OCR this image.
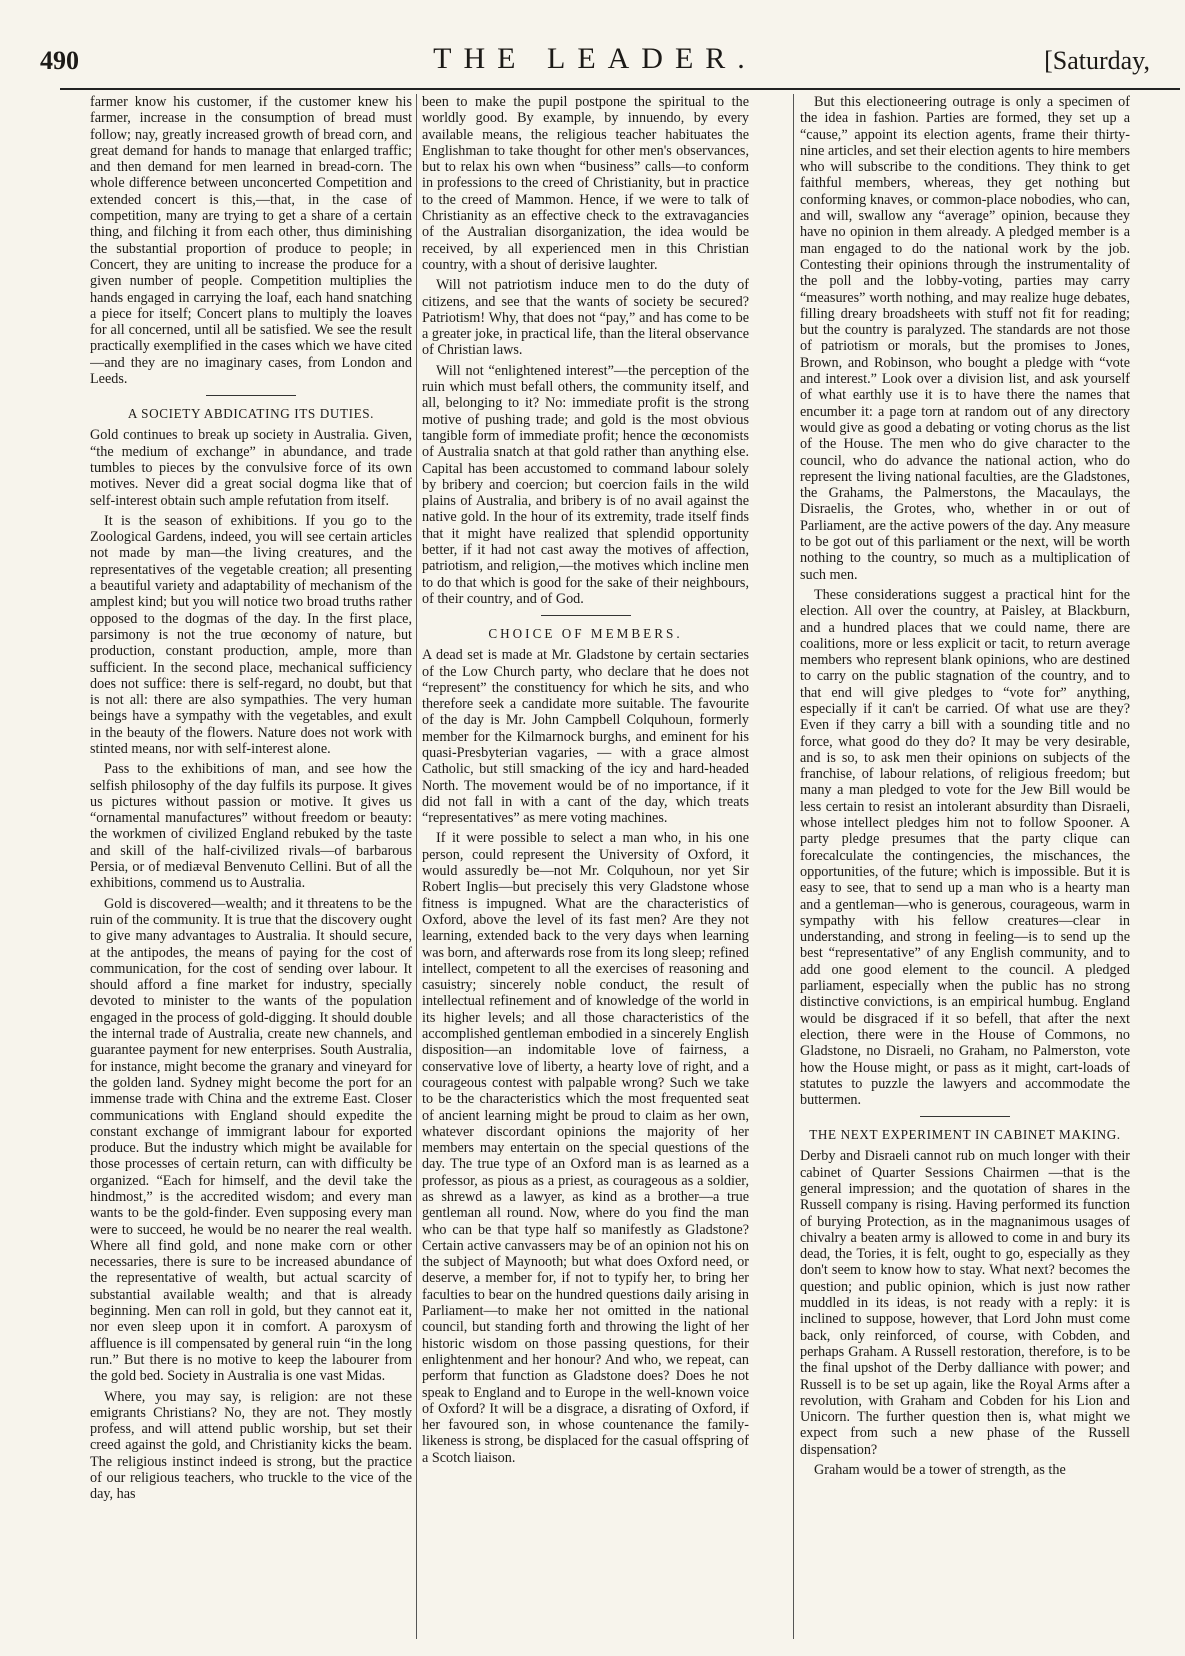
490	THE LEADER.	[Saturday,

farmer know his customer, if the customer knew his farmer, increase in the consumption of bread must follow; nay, greatly increased growth of bread corn, and great demand for hands to manage that enlarged traffic; and then demand for men learned in bread-corn. The whole difference between unconcerted Competition and extended concert is this,—that, in the case of competition, many are trying to get a share of a certain thing, and filching it from each other, thus diminishing the substantial proportion of produce to people; in Concert, they are uniting to increase the produce for a given number of people. Competition multiplies the hands engaged in carrying the loaf, each hand snatching a piece for itself; Concert plans to multiply the loaves for all concerned, until all be satisfied. We see the result practically exemplified in the cases which we have cited—and they are no imaginary cases, from London and Leeds.

A SOCIETY ABDICATING ITS DUTIES.

Gold continues to break up society in Australia. Given, “the medium of exchange” in abundance, and trade tumbles to pieces by the convulsive force of its own motives. Never did a great social dogma like that of self-interest obtain such ample refutation from itself.

It is the season of exhibitions. If you go to the Zoological Gardens, indeed, you will see certain articles not made by man—the living creatures, and the representatives of the vegetable creation; all presenting a beautiful variety and adaptability of mechanism of the amplest kind; but you will notice two broad truths rather opposed to the dogmas of the day. In the first place, parsimony is not the true œconomy of nature, but production, constant production, ample, more than sufficient. In the second place, mechanical sufficiency does not suffice: there is self-regard, no doubt, but that is not all: there are also sympathies. The very human beings have a sympathy with the vegetables, and exult in the beauty of the flowers. Nature does not work with stinted means, nor with self-interest alone.

Pass to the exhibitions of man, and see how the selfish philosophy of the day fulfils its purpose. It gives us pictures without passion or motive. It gives us “ornamental manufactures” without freedom or beauty: the workmen of civilized England rebuked by the taste and skill of the half-civilized rivals—of barbarous Persia, or of mediæval Benvenuto Cellini. But of all the exhibitions, commend us to Australia.

Gold is discovered—wealth; and it threatens to be the ruin of the community. It is true that the discovery ought to give many advantages to Australia. It should secure, at the antipodes, the means of paying for the cost of communication, for the cost of sending over labour. It should afford a fine market for industry, specially devoted to minister to the wants of the population engaged in the process of gold-digging. It should double the internal trade of Australia, create new channels, and guarantee payment for new enterprises. South Australia, for instance, might become the granary and vineyard for the golden land. Sydney might become the port for an immense trade with China and the extreme East. Closer communications with England should expedite the constant exchange of immigrant labour for exported produce. But the industry which might be available for those processes of certain return, can with difficulty be organized. “Each for himself, and the devil take the hindmost,” is the accredited wisdom; and every man wants to be the gold-finder. Even supposing every man were to succeed, he would be no nearer the real wealth. Where all find gold, and none make corn or other necessaries, there is sure to be increased abundance of the representative of wealth, but actual scarcity of substantial available wealth; and that is already beginning. Men can roll in gold, but they cannot eat it, nor even sleep upon it in comfort. A paroxysm of affluence is ill compensated by general ruin “in the long run.” But there is no motive to keep the labourer from the gold bed. Society in Australia is one vast Midas.

Where, you may say, is religion: are not these emigrants Christians? No, they are not. They mostly profess, and will attend public worship, but set their creed against the gold, and Christianity kicks the beam. The religious instinct indeed is strong, but the practice of our religious teachers, who truckle to the vice of the day, has

been to make the pupil postpone the spiritual to the worldly good. By example, by innuendo, by every available means, the religious teacher habituates the Englishman to take thought for other men's observances, but to relax his own when “business” calls—to conform in professions to the creed of Christianity, but in practice to the creed of Mammon. Hence, if we were to talk of Christianity as an effective check to the extravagancies of the Australian disorganization, the idea would be received, by all experienced men in this Christian country, with a shout of derisive laughter.

Will not patriotism induce men to do the duty of citizens, and see that the wants of society be secured? Patriotism! Why, that does not “pay,” and has come to be a greater joke, in practical life, than the literal observance of Christian laws.

Will not “enlightened interest”—the perception of the ruin which must befall others, the community itself, and all, belonging to it? No: immediate profit is the strong motive of pushing trade; and gold is the most obvious tangible form of immediate profit; hence the œconomists of Australia snatch at that gold rather than anything else. Capital has been accustomed to command labour solely by bribery and coercion; but coercion fails in the wild plains of Australia, and bribery is of no avail against the native gold. In the hour of its extremity, trade itself finds that it might have realized that splendid opportunity better, if it had not cast away the motives of affection, patriotism, and religion,—the motives which incline men to do that which is good for the sake of their neighbours, of their country, and of God.

CHOICE OF MEMBERS.

A dead set is made at Mr. Gladstone by certain sectaries of the Low Church party, who declare that he does not “represent” the constituency for which he sits, and who therefore seek a candidate more suitable. The favourite of the day is Mr. John Campbell Colquhoun, formerly member for the Kilmarnock burghs, and eminent for his quasi-Presbyterian vagaries, — with a grace almost Catholic, but still smacking of the icy and hard-headed North. The movement would be of no importance, if it did not fall in with a cant of the day, which treats “representatives” as mere voting machines.

If it were possible to select a man who, in his one person, could represent the University of Oxford, it would assuredly be—not Mr. Colquhoun, nor yet Sir Robert Inglis—but precisely this very Gladstone whose fitness is impugned. What are the characteristics of Oxford, above the level of its fast men? Are they not learning, extended back to the very days when learning was born, and afterwards rose from its long sleep; refined intellect, competent to all the exercises of reasoning and casuistry; sincerely noble conduct, the result of intellectual refinement and of knowledge of the world in its higher levels; and all those characteristics of the accomplished gentleman embodied in a sincerely English disposition—an indomitable love of fairness, a conservative love of liberty, a hearty love of right, and a courageous contest with palpable wrong? Such we take to be the characteristics which the most frequented seat of ancient learning might be proud to claim as her own, whatever discordant opinions the majority of her members may entertain on the special questions of the day. The true type of an Oxford man is as learned as a professor, as pious as a priest, as courageous as a soldier, as shrewd as a lawyer, as kind as a brother—a true gentleman all round. Now, where do you find the man who can be that type half so manifestly as Gladstone? Certain active canvassers may be of an opinion not his on the subject of Maynooth; but what does Oxford need, or deserve, a member for, if not to typify her, to bring her faculties to bear on the hundred questions daily arising in Parliament—to make her not omitted in the national council, but standing forth and throwing the light of her historic wisdom on those passing questions, for their enlightenment and her honour? And who, we repeat, can perform that function as Gladstone does? Does he not speak to England and to Europe in the well-known voice of Oxford? It will be a disgrace, a disrating of Oxford, if her favoured son, in whose countenance the family-likeness is strong, be displaced for the casual offspring of a Scotch liaison.

But this electioneering outrage is only a specimen of the idea in fashion. Parties are formed, they set up a “cause,” appoint its election agents, frame their thirty-nine articles, and set their election agents to hire members who will subscribe to the conditions. They think to get faithful members, whereas, they get nothing but conforming knaves, or common-place nobodies, who can, and will, swallow any “average” opinion, because they have no opinion in them already. A pledged member is a man engaged to do the national work by the job. Contesting their opinions through the instrumentality of the poll and the lobby-voting, parties may carry “measures” worth nothing, and may realize huge debates, filling dreary broadsheets with stuff not fit for reading; but the country is paralyzed. The standards are not those of patriotism or morals, but the promises to Jones, Brown, and Robinson, who bought a pledge with “vote and interest.” Look over a division list, and ask yourself of what earthly use it is to have there the names that encumber it: a page torn at random out of any directory would give as good a debating or voting chorus as the list of the House. The men who do give character to the council, who do advance the national action, who do represent the living national faculties, are the Gladstones, the Grahams, the Palmerstons, the Macaulays, the Disraelis, the Grotes, who, whether in or out of Parliament, are the active powers of the day. Any measure to be got out of this parliament or the next, will be worth nothing to the country, so much as a multiplication of such men.

These considerations suggest a practical hint for the election. All over the country, at Paisley, at Blackburn, and a hundred places that we could name, there are coalitions, more or less explicit or tacit, to return average members who represent blank opinions, who are destined to carry on the public stagnation of the country, and to that end will give pledges to “vote for” anything, especially if it can't be carried. Of what use are they? Even if they carry a bill with a sounding title and no force, what good do they do? It may be very desirable, and is so, to ask men their opinions on subjects of the franchise, of labour relations, of religious freedom; but many a man pledged to vote for the Jew Bill would be less certain to resist an intolerant absurdity than Disraeli, whose intellect pledges him not to follow Spooner. A party pledge presumes that the party clique can forecalculate the contingencies, the mischances, the opportunities, of the future; which is impossible. But it is easy to see, that to send up a man who is a hearty man and a gentleman—who is generous, courageous, warm in sympathy with his fellow creatures—clear in understanding, and strong in feeling—is to send up the best “representative” of any English community, and to add one good element to the council. A pledged parliament, especially when the public has no strong distinctive convictions, is an empirical humbug. England would be disgraced if it so befell, that after the next election, there were in the House of Commons, no Gladstone, no Disraeli, no Graham, no Palmerston, vote how the House might, or pass as it might, cart-loads of statutes to puzzle the lawyers and accommodate the buttermen.

THE NEXT EXPERIMENT IN CABINET MAKING.

Derby and Disraeli cannot rub on much longer with their cabinet of Quarter Sessions Chairmen —that is the general impression; and the quotation of shares in the Russell company is rising. Having performed its function of burying Protection, as in the magnanimous usages of chivalry a beaten army is allowed to come in and bury its dead, the Tories, it is felt, ought to go, especially as they don't seem to know how to stay. What next? becomes the question; and public opinion, which is just now rather muddled in its ideas, is not ready with a reply: it is inclined to suppose, however, that Lord John must come back, only reinforced, of course, with Cobden, and perhaps Graham. A Russell restoration, therefore, is to be the final upshot of the Derby dalliance with power; and Russell is to be set up again, like the Royal Arms after a revolution, with Graham and Cobden for his Lion and Unicorn. The further question then is, what might we expect from such a new phase of the Russell dispensation?

Graham would be a tower of strength, as the
